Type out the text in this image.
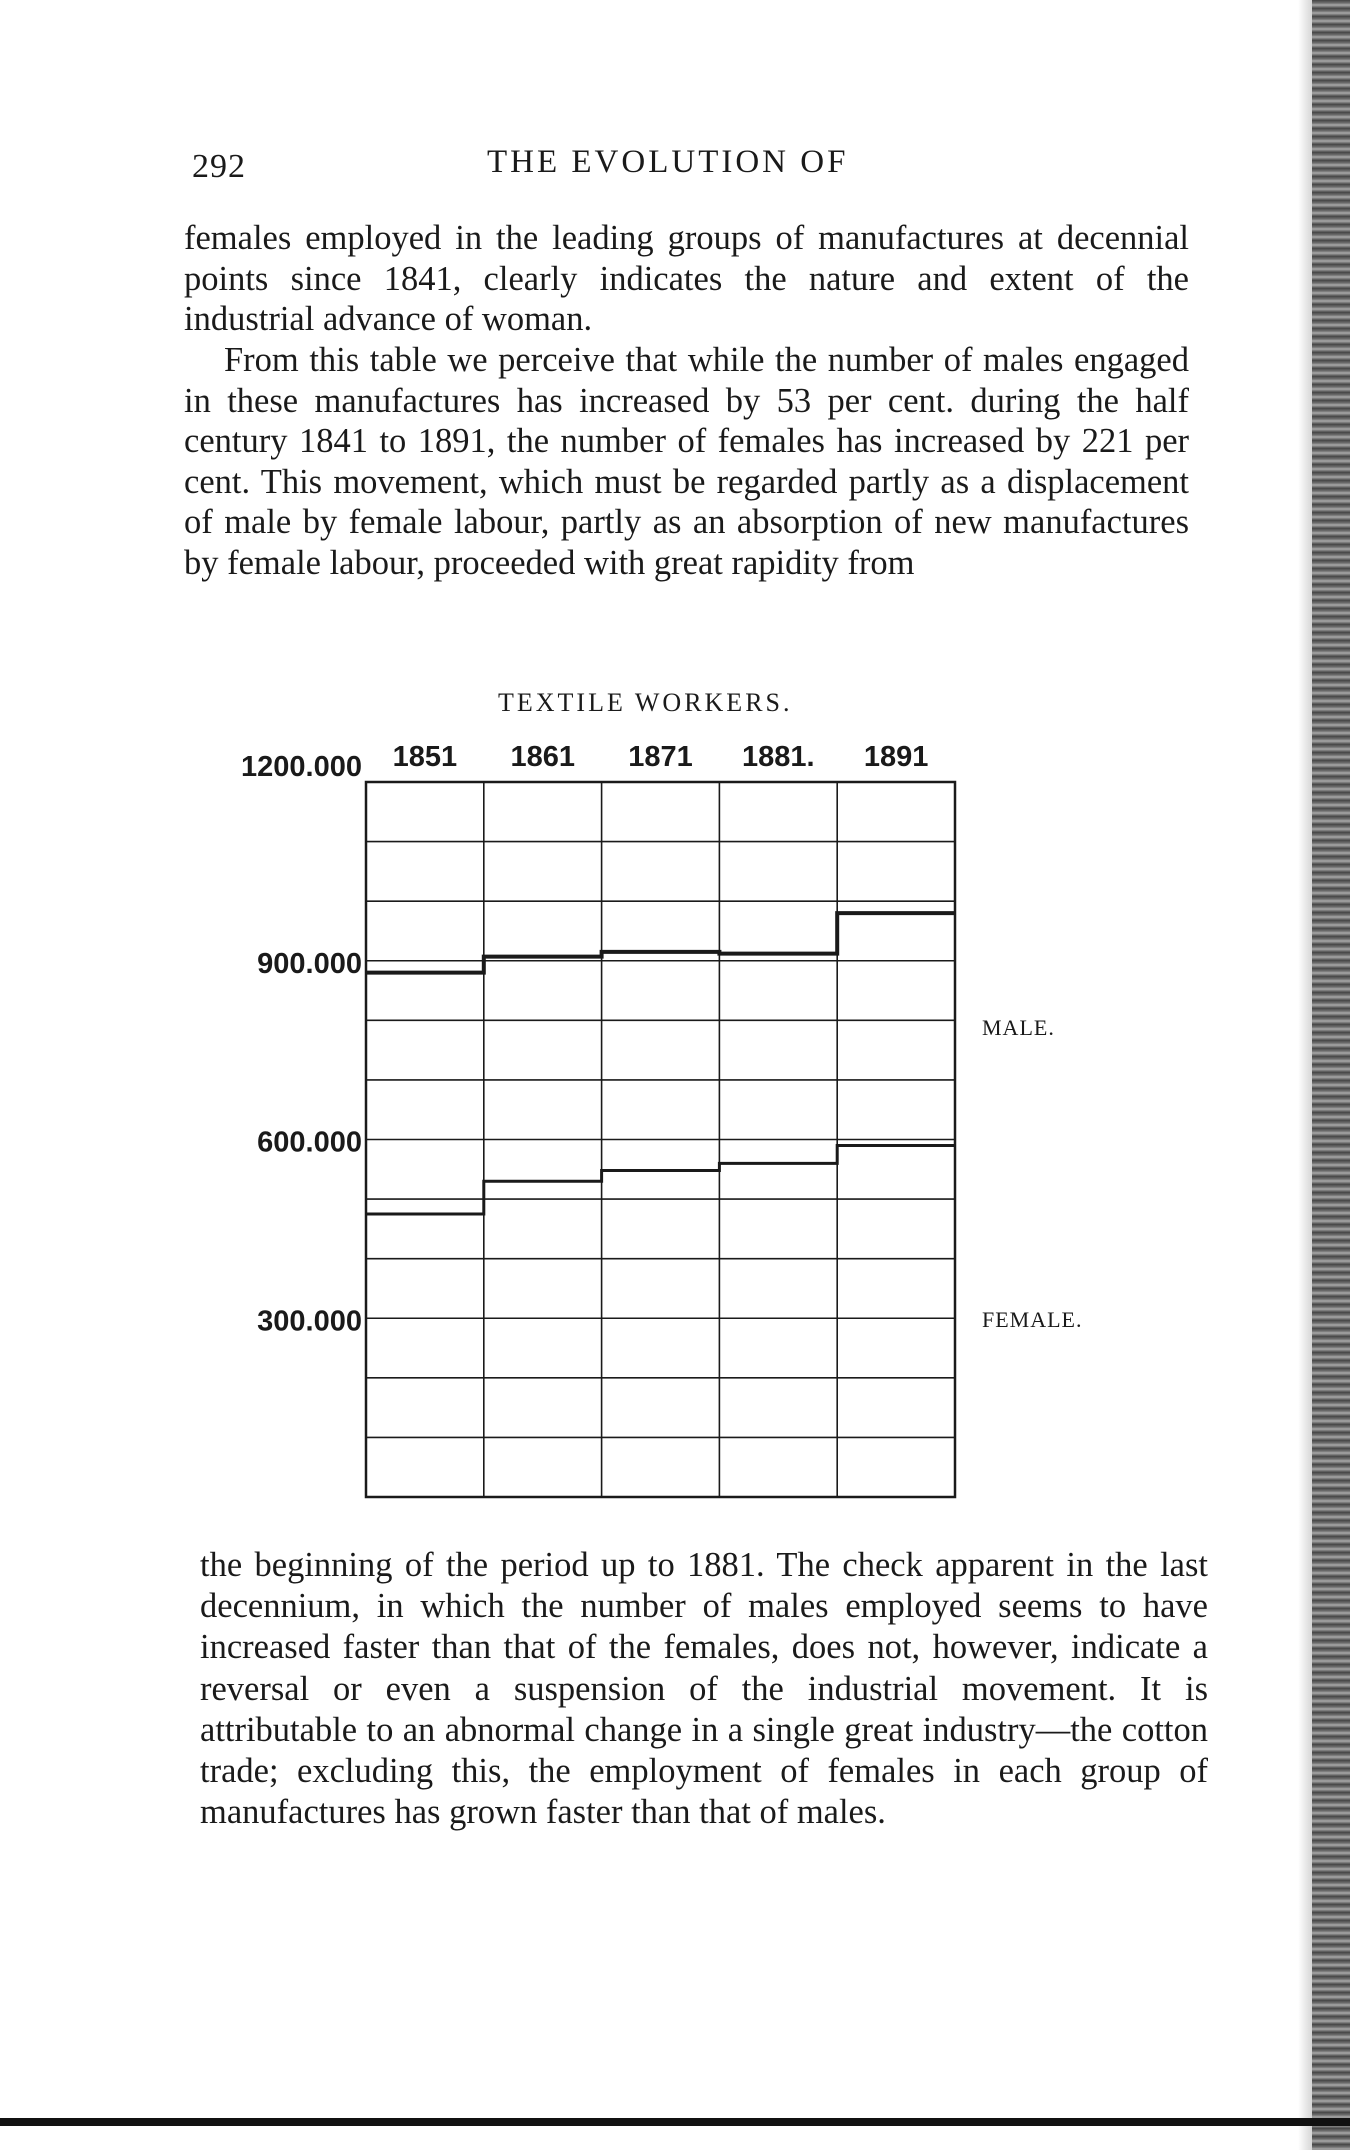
292	THE EVOLUTION OF

females employed in the leading groups of manufactures at decennial points since 1841, clearly indicates the nature and extent of the industrial advance of woman.

From this table we perceive that while the number of males engaged in these manufactures has increased by 53 per cent. during the half century 1841 to 1891, the number of females has increased by 221 per cent. This movement, which must be regarded partly as a displacement of male by female labour, partly as an absorption of new manufactures by female labour, proceeded with great rapidity from

TEXTILE WORKERS.
1851 1861 1871 1881. 1891
300.000
600.000
900.000
1200.000
MALE.
FEMALE.

the beginning of the period up to 1881. The check apparent in the last decennium, in which the number of males employed seems to have increased faster than that of the females, does not, however, indicate a reversal or even a suspension of the industrial movement. It is attributable to an abnormal change in a single great industry—the cotton trade; excluding this, the employment of females in each group of manufactures has grown faster than that of males.
